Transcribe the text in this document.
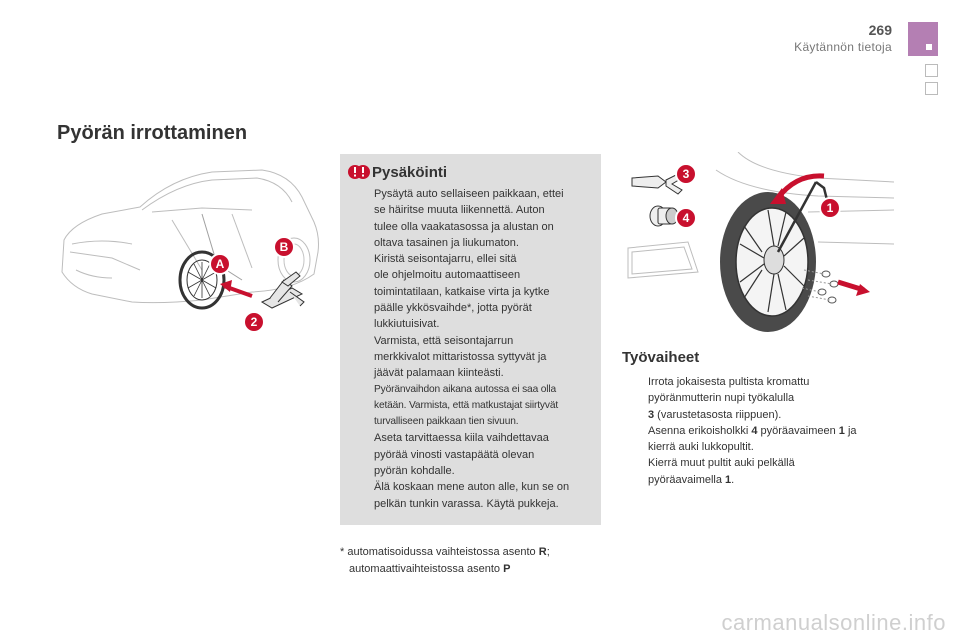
269
Käytännön tietoja
Pyörän irrottaminen
A
B
2
Pysäköinti
Pysäytä auto sellaiseen paikkaan, ettei
se häiritse muuta liikennettä. Auton
tulee olla vaakatasossa ja alustan on
oltava tasainen ja liukumaton.
Kiristä seisontajarru, ellei sitä
ole ohjelmoitu automaattiseen
toimintatilaan, katkaise virta ja kytke
päälle ykkösvaihde*, jotta pyörät
lukkiutuisivat.
Varmista, että seisontajarrun
merkkivalot mittaristossa syttyvät ja
jäävät palamaan kiinteästi.
Pyöränvaihdon aikana autossa ei saa olla
ketään. Varmista, että matkustajat siirtyvät
turvalliseen paikkaan tien sivuun.
Aseta tarvittaessa kiila vaihdettavaa
pyörää vinosti vastapäätä olevan
pyörän kohdalle.
Älä koskaan mene auton alle, kun se on
pelkän tunkin varassa. Käytä pukkeja.
* automatisoidussa vaihteistossa asento R;
automaattivaihteistossa asento P
3
4
1
Työvaiheet
Irrota jokaisesta pultista kromattu
pyöränmutterin nupi työkalulla
3 (varustetasosta riippuen).
Asenna erikoisholkki 4 pyöräavaimeen 1 ja
kierrä auki lukkopultit.
Kierrä muut pultit auki pelkällä
pyöräavaimella 1.
carmanualsonline.info
